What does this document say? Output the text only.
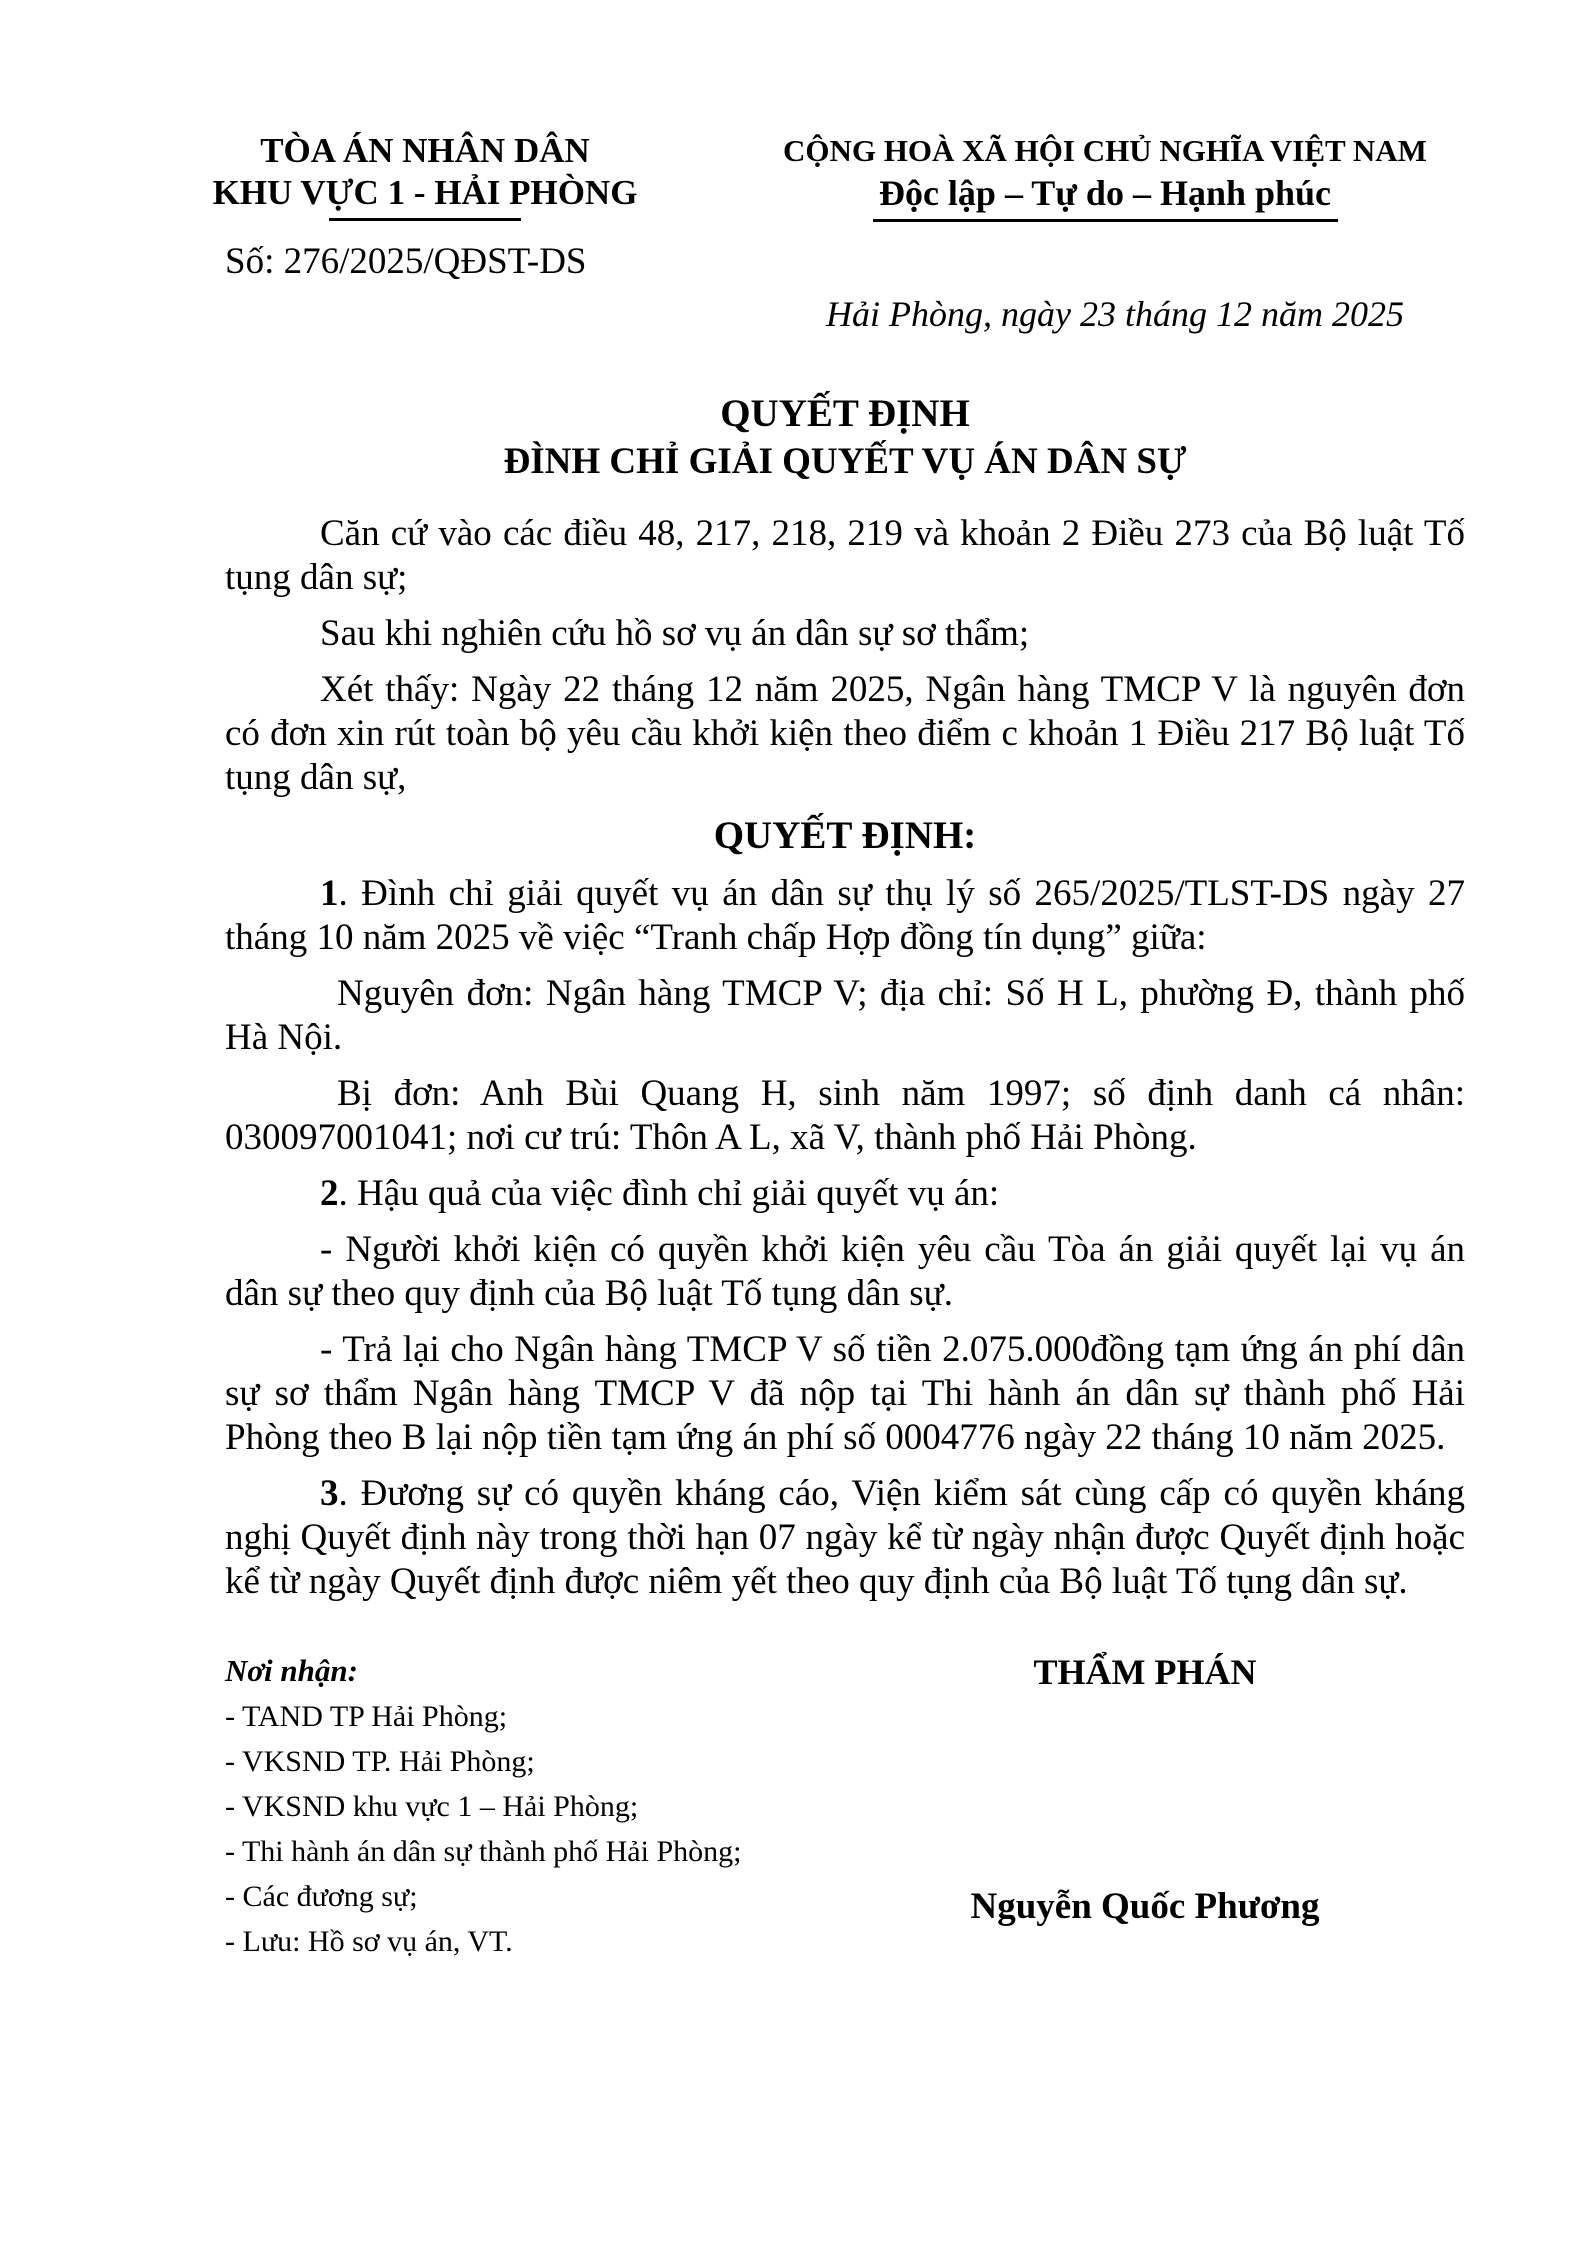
TÒA ÁN NHÂN DÂN
KHU VỰC 1 - HẢI PHÒNG
CỘNG HOÀ XÃ HỘI CHỦ NGHĨA VIỆT NAM
Độc lập – Tự do – Hạnh phúc
Số: 276/2025/QĐST-DS
Hải Phòng, ngày 23 tháng 12 năm 2025
QUYẾT ĐỊNH
ĐÌNH CHỈ GIẢI QUYẾT VỤ ÁN DÂN SỰ

Căn cứ vào các điều 48, 217, 218, 219 và khoản 2 Điều 273 của Bộ luật Tố tụng dân sự;

Sau khi nghiên cứu hồ sơ vụ án dân sự sơ thẩm;

Xét thấy: Ngày 22 tháng 12 năm 2025, Ngân hàng TMCP V là nguyên đơn có đơn xin rút toàn bộ yêu cầu khởi kiện theo điểm c khoản 1 Điều 217 Bộ luật Tố tụng dân sự,

QUYẾT ĐỊNH:

1. Đình chỉ giải quyết vụ án dân sự thụ lý số 265/2025/TLST-DS ngày 27 tháng 10 năm 2025 về việc “Tranh chấp Hợp đồng tín dụng” giữa:

Nguyên đơn: Ngân hàng TMCP V; địa chỉ: Số H L, phường Đ, thành phố Hà Nội.

Bị đơn: Anh Bùi Quang H, sinh năm 1997; số định danh cá nhân: 030097001041; nơi cư trú: Thôn A L, xã V, thành phố Hải Phòng.

2. Hậu quả của việc đình chỉ giải quyết vụ án:

- Người khởi kiện có quyền khởi kiện yêu cầu Tòa án giải quyết lại vụ án dân sự theo quy định của Bộ luật Tố tụng dân sự.

- Trả lại cho Ngân hàng TMCP V số tiền 2.075.000đồng tạm ứng án phí dân sự sơ thẩm Ngân hàng TMCP V đã nộp tại Thi hành án dân sự thành phố Hải Phòng theo B lại nộp tiền tạm ứng án phí số 0004776 ngày 22 tháng 10 năm 2025.

3. Đương sự có quyền kháng cáo, Viện kiểm sát cùng cấp có quyền kháng nghị Quyết định này trong thời hạn 07 ngày kể từ ngày nhận được Quyết định hoặc kể từ ngày Quyết định được niêm yết theo quy định của Bộ luật Tố tụng dân sự.

Nơi nhận:
- TAND TP Hải Phòng;
- VKSND TP. Hải Phòng;
- VKSND khu vực 1 – Hải Phòng;
- Thi hành án dân sự thành phố Hải Phòng;
- Các đương sự;
- Lưu: Hồ sơ vụ án, VT.
THẨM PHÁN
Nguyễn Quốc Phương
